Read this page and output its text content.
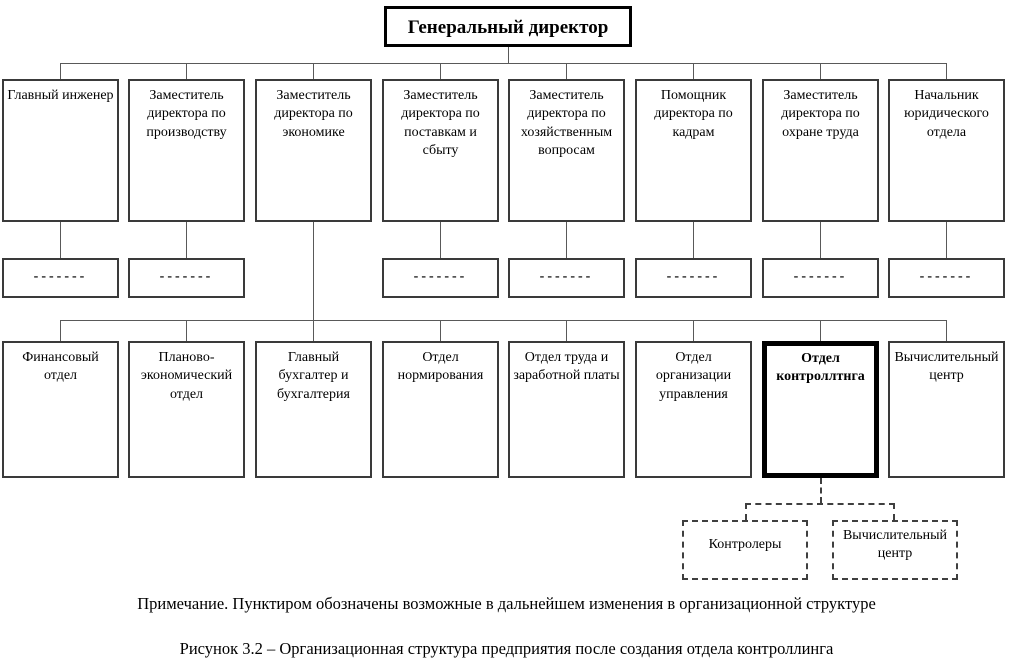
Генеральный директор
Главный инженер	Заместитель директора по производству
Заместитель директора по экономике
Заместитель директора по поставкам и сбыту
Заместитель директора по хозяйственным вопросам
Помощник директора по кадрам
Заместитель директора по охране труда
Начальник юридического отдела
-------	-------	-------	-------	-------	-------	-------
Финансовый отдел
Планово-экономический отдел
Главный бухгалтер и бухгалтерия
Отдел нормирования
Отдел труда и заработной платы
Отдел организации управления
Отдел контроллтнга
Вычислительный центр
Контролеры
Вычислительный центр
Примечание. Пунктиром обозначены возможные в дальнейшем изменения в организационной структуре
Рисунок 3.2 – Организационная структура предприятия после создания отдела контроллинга
